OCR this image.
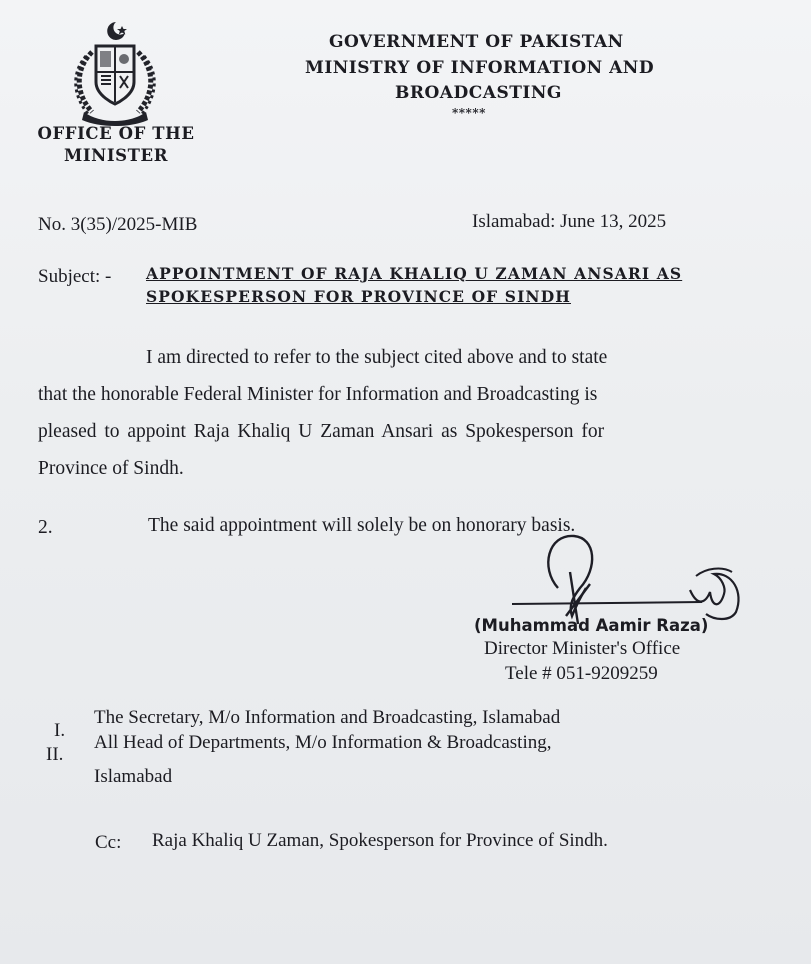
GOVERNMENT OF PAKISTAN
MINISTRY OF INFORMATION AND
BROADCASTING
*****
OFFICE OF THE
MINISTER
No. 3(35)/2025-MIB	Islamabad: June 13, 2025
Subject: - APPOINTMENT OF RAJA KHALIQ U ZAMAN ANSARI AS
SPOKESPERSON FOR PROVINCE OF SINDH
I am directed to refer to the subject cited above and to state
that the honorable Federal Minister for Information and Broadcasting is
pleased to appoint Raja Khaliq U Zaman Ansari as Spokesperson for
Province of Sindh.
2.	The said appointment will solely be on honorary basis.
(Muhammad Aamir Raza)
Director Minister's Office
Tele # 051-9209259
I.
The Secretary, M/o Information and Broadcasting, Islamabad
II.
All Head of Departments, M/o Information & Broadcasting,
Islamabad
Cc: Raja Khaliq U Zaman, Spokesperson for Province of Sindh.
